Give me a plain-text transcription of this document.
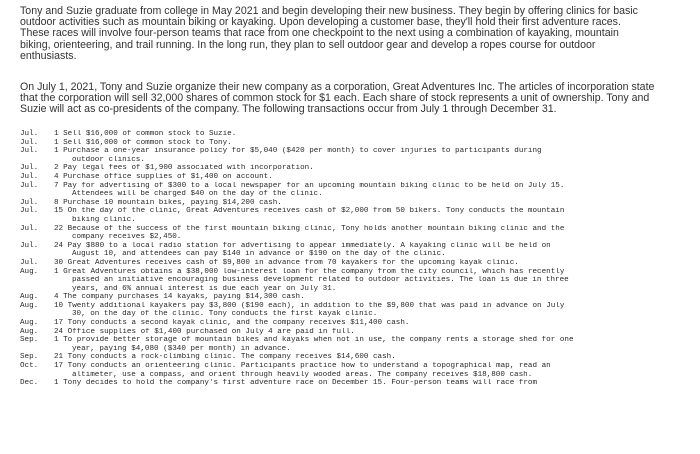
Tony and Suzie graduate from college in May 2021 and begin developing their new business. They begin by offering clinics for basic
outdoor activities such as mountain biking or kayaking. Upon developing a customer base, they'll hold their first adventure races.
These races will involve four-person teams that race from one checkpoint to the next using a combination of kayaking, mountain
biking, orienteering, and trail running. In the long run, they plan to sell outdoor gear and develop a ropes course for outdoor
enthusiasts.
On July 1, 2021, Tony and Suzie organize their new company as a corporation, Great Adventures Inc. The articles of incorporation state
that the corporation will sell 32,000 shares of common stock for $1 each. Each share of stock represents a unit of ownership. Tony and
Suzie will act as co-presidents of the company. The following transactions occur from July 1 through December 31.
Jul.	1 Sell $16,000 of common stock to Suzie.
Jul.	1 Sell $16,000 of common stock to Tony.
Jul.	1 Purchase a one-year insurance policy for $5,040 ($420 per month) to cover injuries to participants during
outdoor clinics.
Jul.	2 Pay legal fees of $1,900 associated with incorporation.
Jul.	4 Purchase office supplies of $1,400 on account.
Jul.	7 Pay for advertising of $300 to a local newspaper for an upcoming mountain biking clinic to be held on July 15.
Attendees will be charged $40 on the day of the clinic.
Jul.	8 Purchase 10 mountain bikes, paying $14,200 cash.
Jul.	15 On the day of the clinic, Great Adventures receives cash of $2,000 from 50 bikers. Tony conducts the mountain
biking clinic.
Jul.	22 Because of the success of the first mountain biking clinic, Tony holds another mountain biking clinic and the
company receives $2,450.
Jul.	24 Pay $880 to a local radio station for advertising to appear immediately. A kayaking clinic will be held on
August 10, and attendees can pay $140 in advance or $190 on the day of the clinic.
Jul.	30 Great Adventures receives cash of $9,800 in advance from 70 kayakers for the upcoming kayak clinic.
Aug.	1 Great Adventures obtains a $38,000 low-interest loan for the company from the city council, which has recently
passed an initiative encouraging business development related to outdoor activities. The loan is due in three
years, and 6% annual interest is due each year on July 31.
Aug.	4 The company purchases 14 kayaks, paying $14,300 cash.
Aug.	10 Twenty additional kayakers pay $3,800 ($190 each), in addition to the $9,800 that was paid in advance on July
30, on the day of the clinic. Tony conducts the first kayak clinic.
Aug.	17 Tony conducts a second kayak clinic, and the company receives $11,400 cash.
Aug.	24 Office supplies of $1,400 purchased on July 4 are paid in full.
Sep.	1 To provide better storage of mountain bikes and kayaks when not in use, the company rents a storage shed for one
year, paying $4,080 ($340 per month) in advance.
Sep.	21 Tony conducts a rock-climbing clinic. The company receives $14,600 cash.
Oct.	17 Tony conducts an orienteering clinic. Participants practice how to understand a topographical map, read an
altimeter, use a compass, and orient through heavily wooded areas. The company receives $18,800 cash.
Dec.	1 Tony decides to hold the company's first adventure race on December 15. Four-person teams will race from
